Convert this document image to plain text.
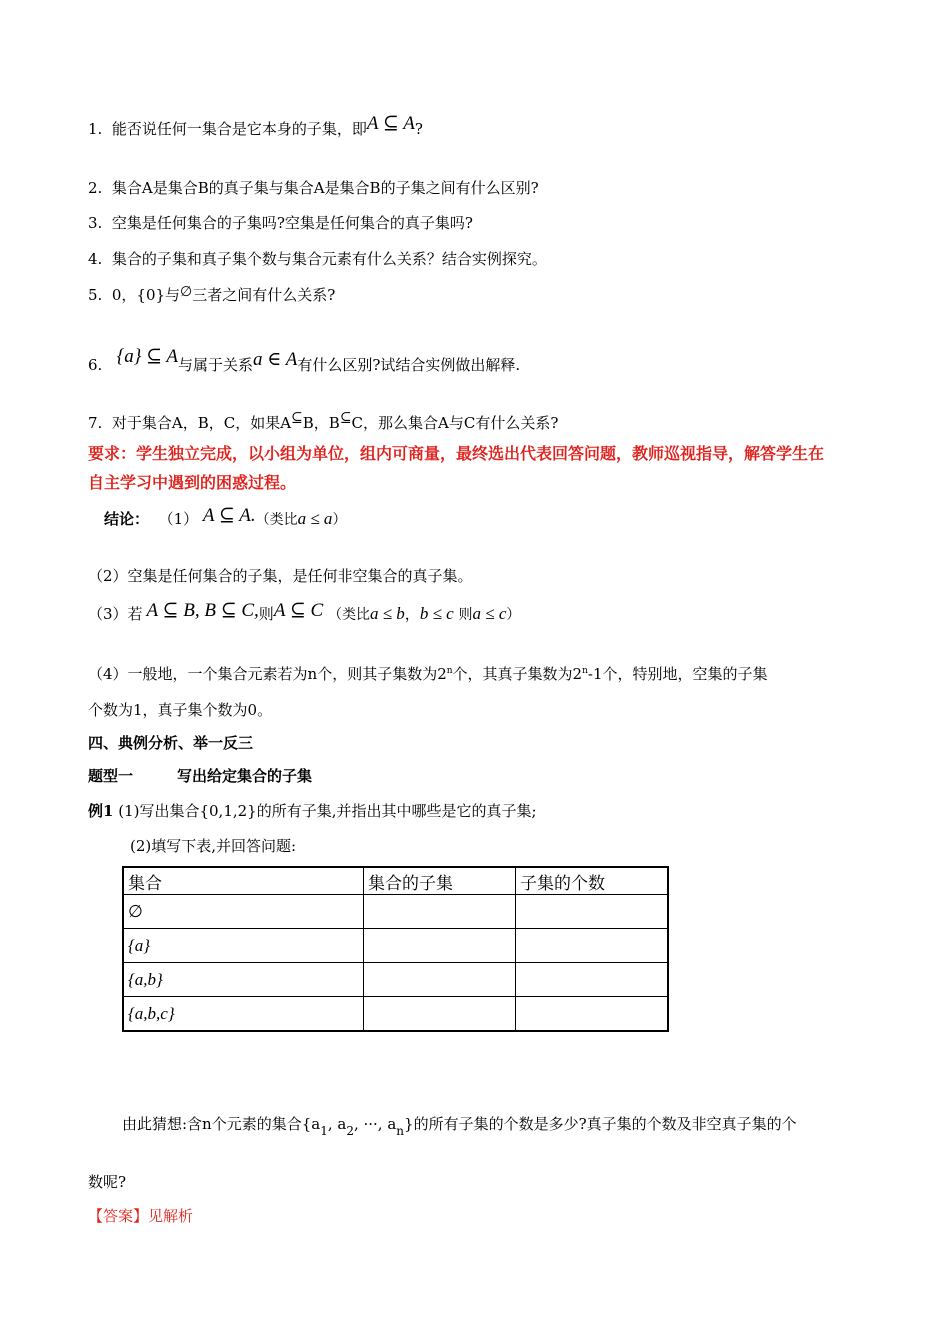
1. 能否说任何一集合是它本身的子集，即A ⊆ A?
2. 集合A是集合B的真子集与集合A是集合B的子集之间有什么区别?
3. 空集是任何集合的子集吗?空集是任何集合的真子集吗?
4. 集合的子集和真子集个数与集合元素有什么关系？结合实例探究。
5. 0，{0}与∅三者之间有什么关系?
6. {a} ⊆ A与属于关系a ∈ A有什么区别?试结合实例做出解释.
7. 对于集合A，B，C，如果A⊆B，B⊆C，那么集合A与C有什么关系?
要求：学生独立完成，以小组为单位，组内可商量，最终选出代表回答问题，教师巡视指导，解答学生在
自主学习中遇到的困惑过程。
结论： （1） A ⊆ A.（类比a ≤ a）
（2）空集是任何集合的子集，是任何非空集合的真子集。
（3）若 A ⊆ B, B ⊆ C,则A ⊆ C （类比a ≤ b，b ≤ c 则a ≤ c）
（4）一般地，一个集合元素若为n个，则其子集数为2$^n$个，其真子集数为2$^n$-1个，特别地，空集的子集
个数为1，真子集个数为0。
四、典例分析、举一反三
题型一	写出给定集合的子集
例1 (1)写出集合{0,1,2}的所有子集,并指出其中哪些是它的真子集;
(2)填写下表,并回答问题:
集合	集合的子集	子集的个数
∅		
{a}		
{a,b}		
{a,b,c}		
由此猜想:含n个元素的集合{$a_1$, $a_2$, ···, $a_n$}的所有子集的个数是多少?真子集的个数及非空真子集的个
数呢?
【答案】见解析
